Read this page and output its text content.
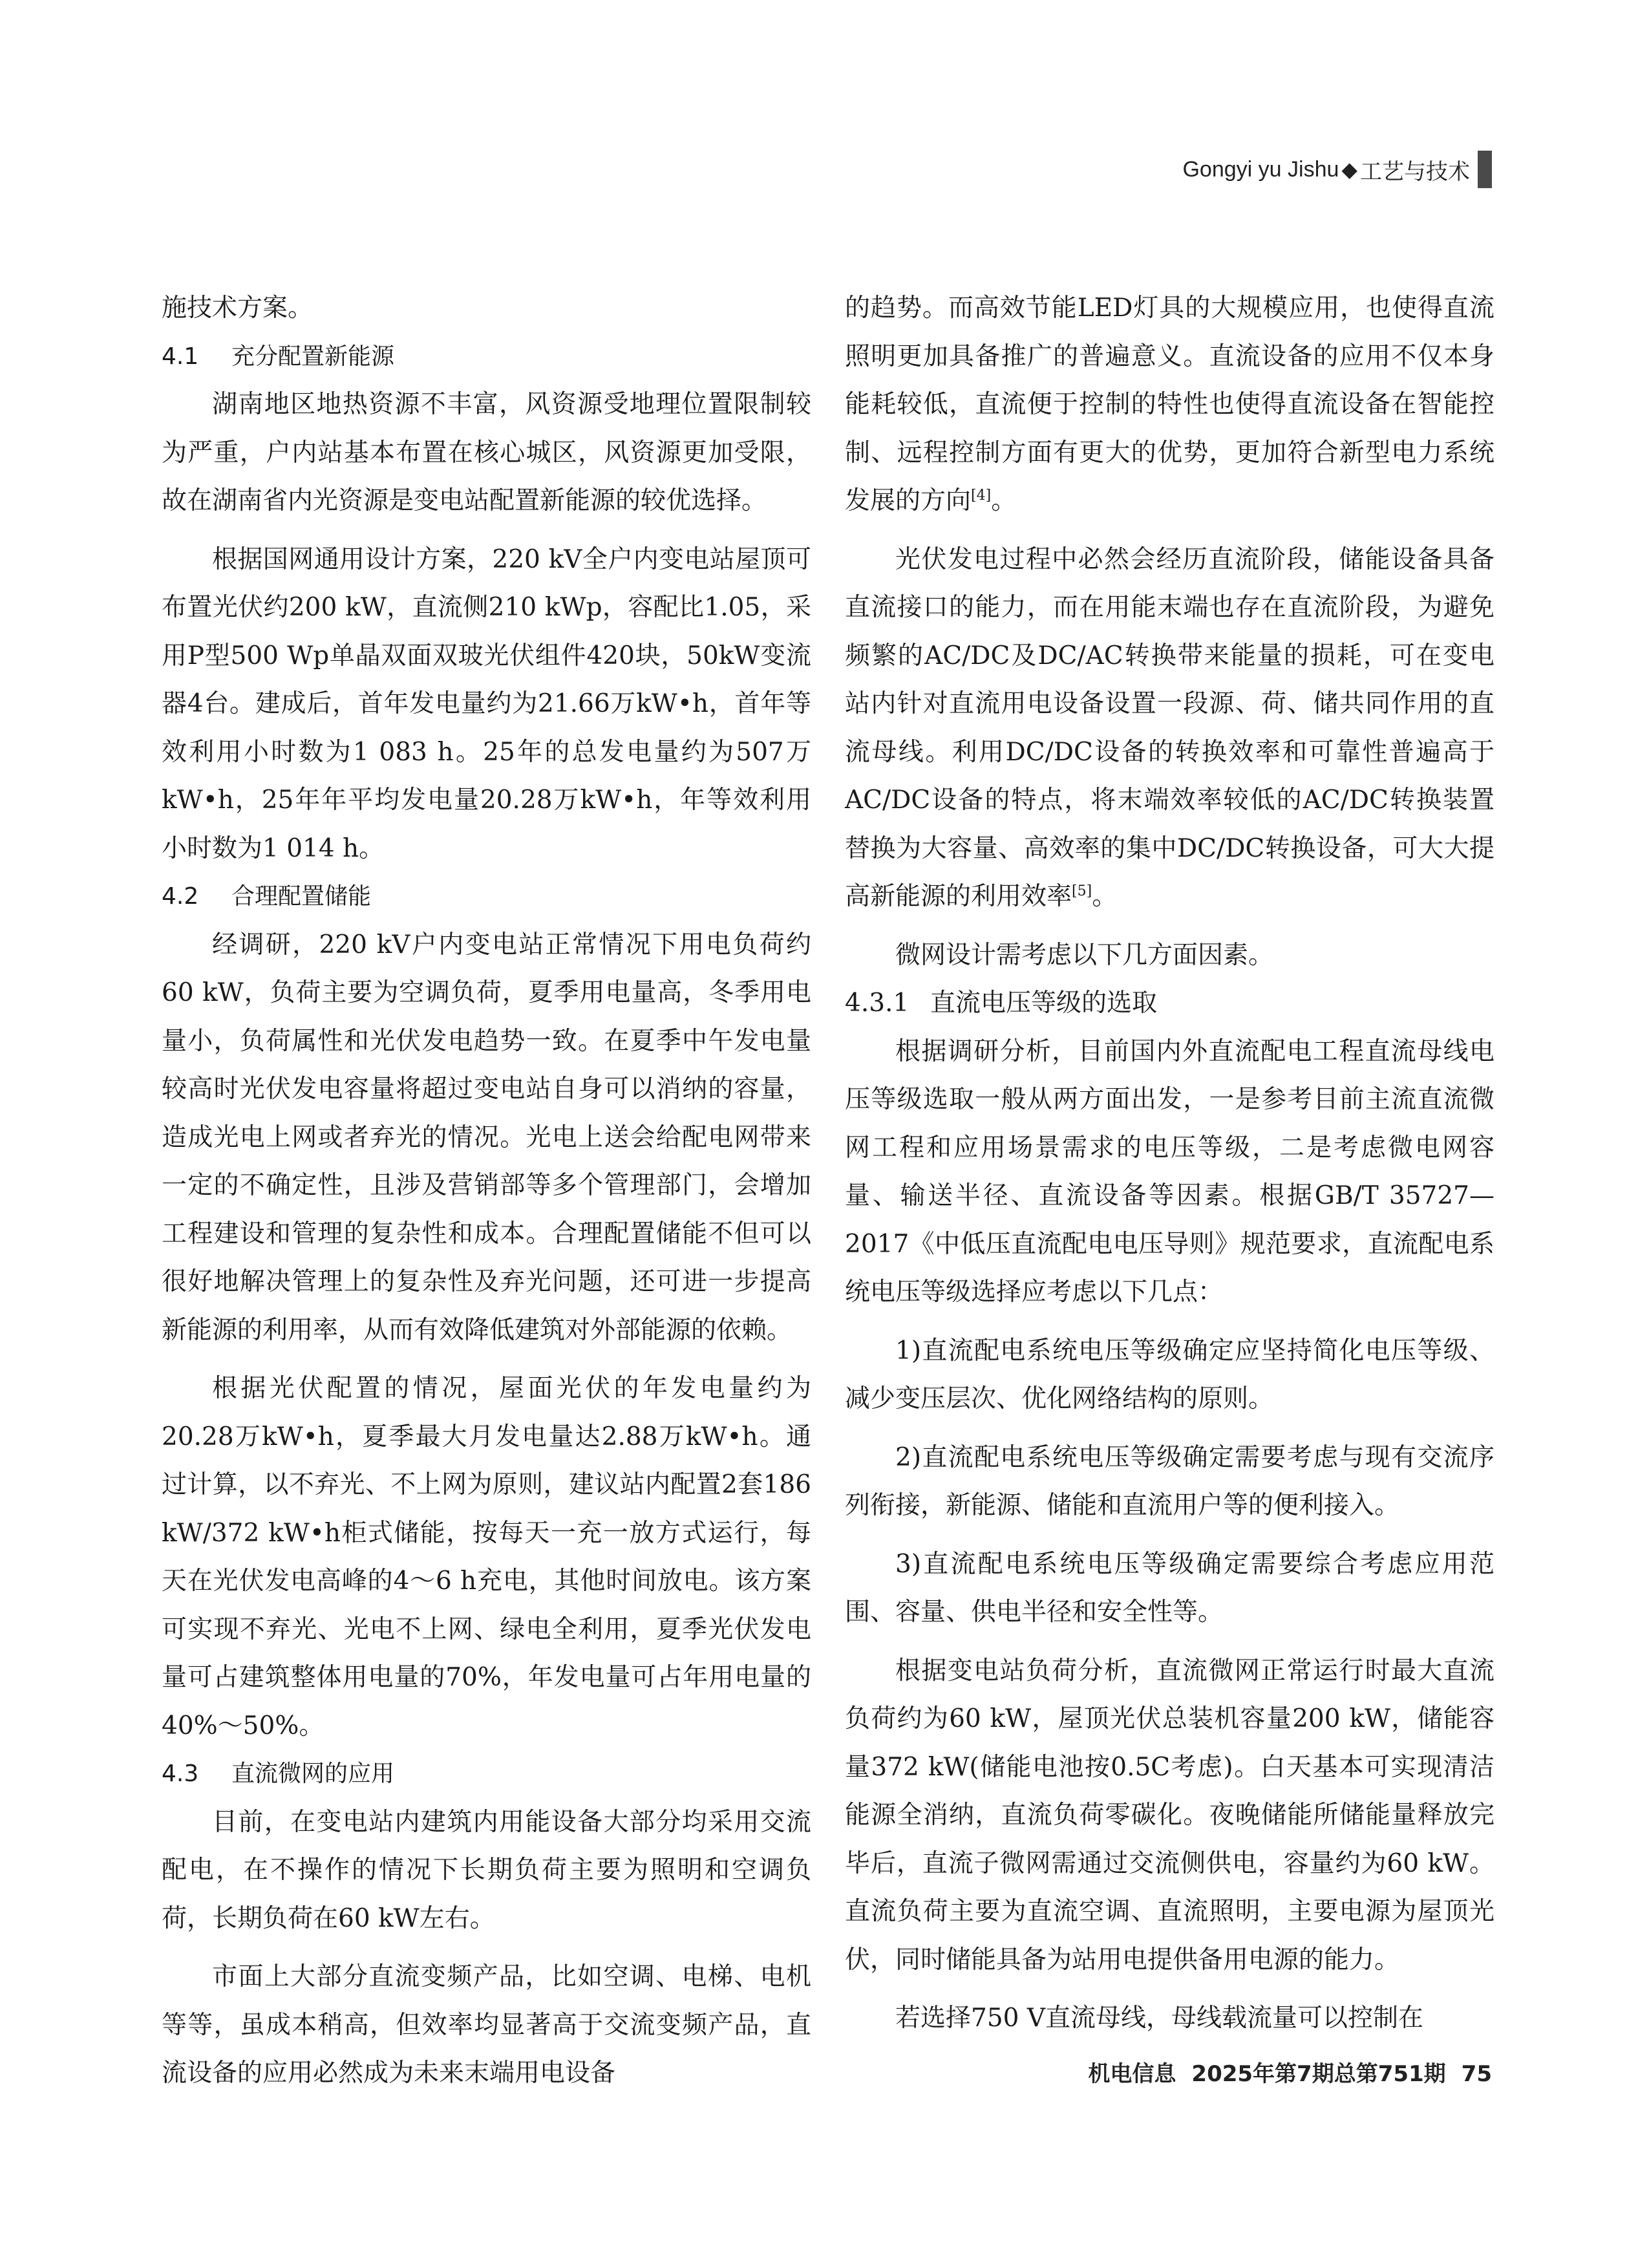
Gongyi yu Jishu ◆ 工艺与技术

施技术方案。

4.1 充分配置新能源

湖南地区地热资源不丰富，风资源受地理位置限制较为严重，户内站基本布置在核心城区，风资源更加受限，故在湖南省内光资源是变电站配置新能源的较优选择。

根据国网通用设计方案，220 kV全户内变电站屋顶可布置光伏约200 kW，直流侧210 kWp，容配比1.05，采用P型500 Wp单晶双面双玻光伏组件420块，50kW变流器4台。建成后，首年发电量约为21.66万kW•h，首年等效利用小时数为1 083 h。25年的总发电量约为507万kW•h，25年年平均发电量20.28万kW•h，年等效利用小时数为1 014 h。

4.2 合理配置储能

经调研，220 kV户内变电站正常情况下用电负荷约60 kW，负荷主要为空调负荷，夏季用电量高，冬季用电量小，负荷属性和光伏发电趋势一致。在夏季中午发电量较高时光伏发电容量将超过变电站自身可以消纳的容量，造成光电上网或者弃光的情况。光电上送会给配电网带来一定的不确定性，且涉及营销部等多个管理部门，会增加工程建设和管理的复杂性和成本。合理配置储能不但可以很好地解决管理上的复杂性及弃光问题，还可进一步提高新能源的利用率，从而有效降低建筑对外部能源的依赖。

根据光伏配置的情况，屋面光伏的年发电量约为20.28万kW•h，夏季最大月发电量达2.88万kW•h。通过计算，以不弃光、不上网为原则，建议站内配置2套186 kW/372 kW•h柜式储能，按每天一充一放方式运行，每天在光伏发电高峰的4～6 h充电，其他时间放电。该方案可实现不弃光、光电不上网、绿电全利用，夏季光伏发电量可占建筑整体用电量的70%，年发电量可占年用电量的40%～50%。

4.3 直流微网的应用

目前，在变电站内建筑内用能设备大部分均采用交流配电，在不操作的情况下长期负荷主要为照明和空调负荷，长期负荷在60 kW左右。

市面上大部分直流变频产品，比如空调、电梯、电机等等，虽成本稍高，但效率均显著高于交流变频产品，直流设备的应用必然成为未来末端用电设备

的趋势。而高效节能LED灯具的大规模应用，也使得直流照明更加具备推广的普遍意义。直流设备的应用不仅本身能耗较低，直流便于控制的特性也使得直流设备在智能控制、远程控制方面有更大的优势，更加符合新型电力系统发展的方向[4]。

光伏发电过程中必然会经历直流阶段，储能设备具备直流接口的能力，而在用能末端也存在直流阶段，为避免频繁的AC/DC及DC/AC转换带来能量的损耗，可在变电站内针对直流用电设备设置一段源、荷、储共同作用的直流母线。利用DC/DC设备的转换效率和可靠性普遍高于AC/DC设备的特点，将末端效率较低的AC/DC转换装置替换为大容量、高效率的集中DC/DC转换设备，可大大提高新能源的利用效率[5]。

微网设计需考虑以下几方面因素。

4.3.1 直流电压等级的选取

根据调研分析，目前国内外直流配电工程直流母线电压等级选取一般从两方面出发，一是参考目前主流直流微网工程和应用场景需求的电压等级，二是考虑微电网容量、输送半径、直流设备等因素。根据GB/T 35727—2017《中低压直流配电电压导则》规范要求，直流配电系统电压等级选择应考虑以下几点：

1)直流配电系统电压等级确定应坚持简化电压等级、减少变压层次、优化网络结构的原则。

2)直流配电系统电压等级确定需要考虑与现有交流序列衔接，新能源、储能和直流用户等的便利接入。

3)直流配电系统电压等级确定需要综合考虑应用范围、容量、供电半径和安全性等。

根据变电站负荷分析，直流微网正常运行时最大直流负荷约为60 kW，屋顶光伏总装机容量200 kW，储能容量372 kW(储能电池按0.5C考虑)。白天基本可实现清洁能源全消纳，直流负荷零碳化。夜晚储能所储能量释放完毕后，直流子微网需通过交流侧供电，容量约为60 kW。直流负荷主要为直流空调、直流照明，主要电源为屋顶光伏，同时储能具备为站用电提供备用电源的能力。

若选择750 V直流母线，母线载流量可以控制在

机电信息 2025年第7期总第751期 75
